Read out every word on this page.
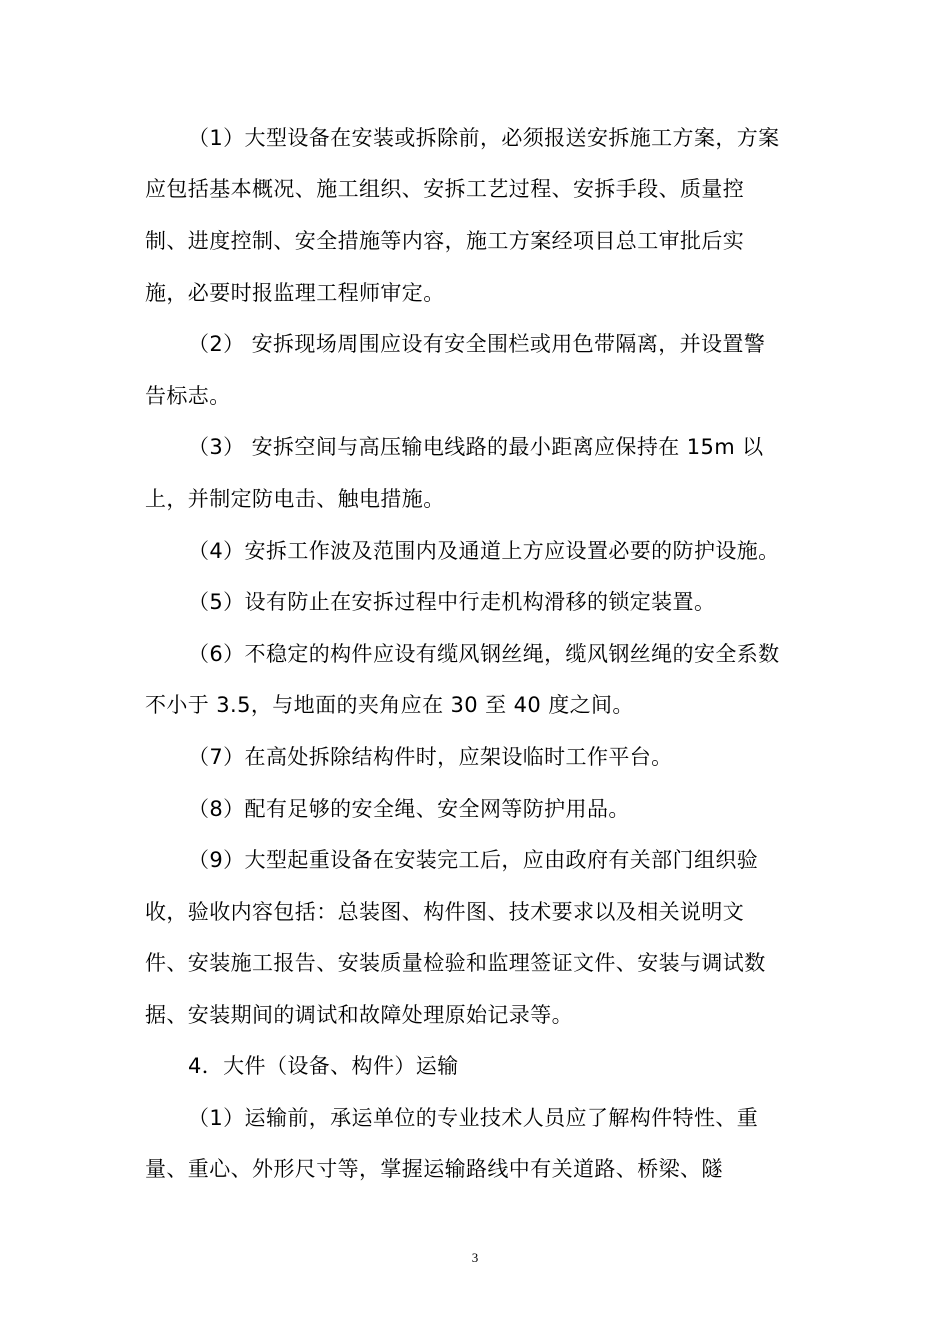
（1）大型设备在安装或拆除前，必须报送安拆施工方案，方案
应包括基本概况、施工组织、安拆工艺过程、安拆手段、质量控
制、进度控制、安全措施等内容，施工方案经项目总工审批后实
施，必要时报监理工程师审定。
（2） 安拆现场周围应设有安全围栏或用色带隔离，并设置警
告标志。
（3） 安拆空间与高压输电线路的最小距离应保持在 15m 以
上，并制定防电击、触电措施。
（4）安拆工作波及范围内及通道上方应设置必要的防护设施。
（5）设有防止在安拆过程中行走机构滑移的锁定装置。
（6）不稳定的构件应设有缆风钢丝绳，缆风钢丝绳的安全系数
不小于 3.5，与地面的夹角应在 30 至 40 度之间。
（7）在高处拆除结构件时，应架设临时工作平台。
（8）配有足够的安全绳、安全网等防护用品。
（9）大型起重设备在安装完工后，应由政府有关部门组织验
收，验收内容包括：总装图、构件图、技术要求以及相关说明文
件、安装施工报告、安装质量检验和监理签证文件、安装与调试数
据、安装期间的调试和故障处理原始记录等。
4．大件（设备、构件）运输
（1）运输前，承运单位的专业技术人员应了解构件特性、重
量、重心、外形尺寸等，掌握运输路线中有关道路、桥梁、隧
3
